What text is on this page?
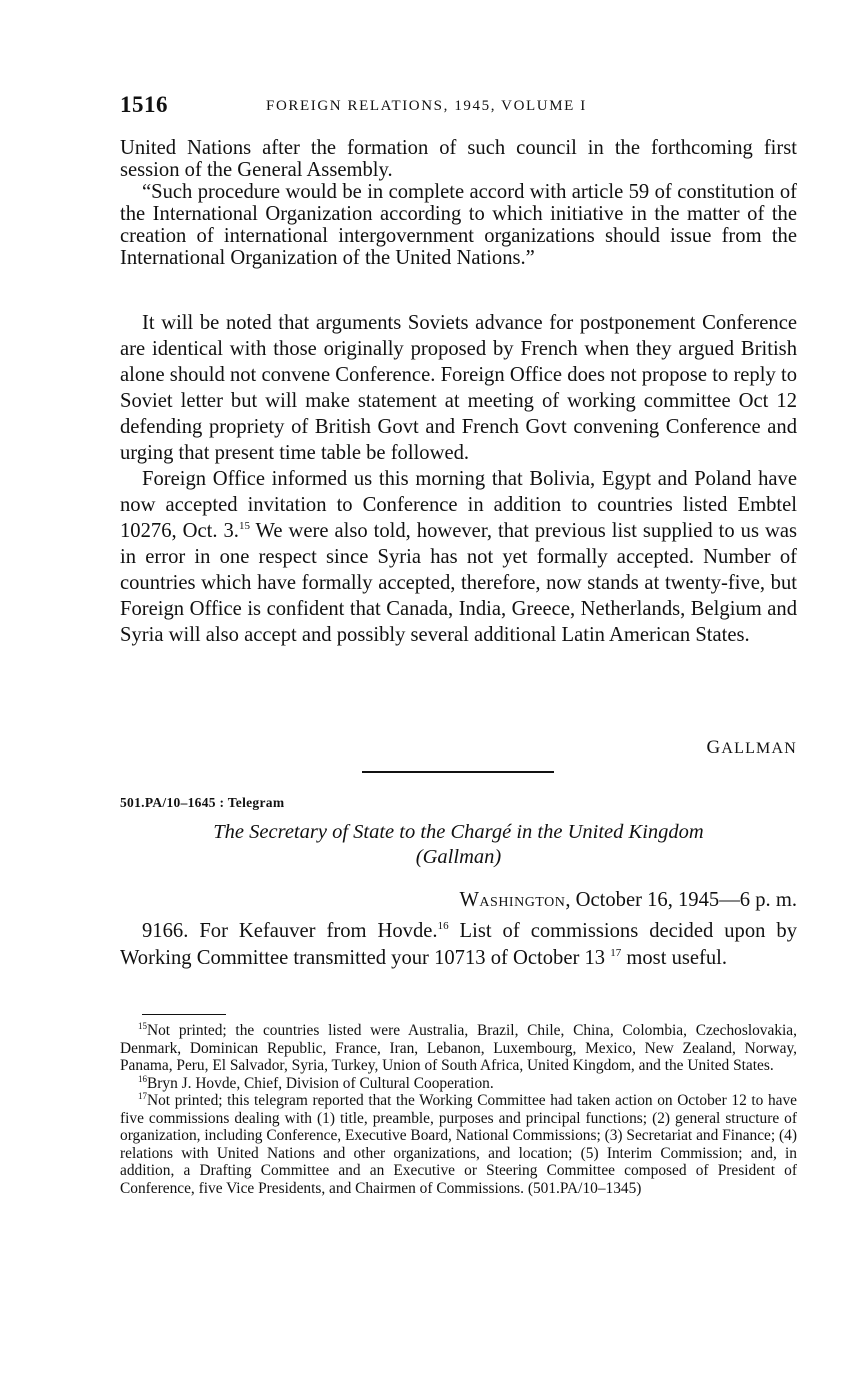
1516	FOREIGN RELATIONS, 1945, VOLUME I

United Nations after the formation of such council in the forthcoming first session of the General Assembly.

“Such procedure would be in complete accord with article 59 of constitution of the International Organization according to which initiative in the matter of the creation of international intergovernment organizations should issue from the International Organization of the United Nations.”

It will be noted that arguments Soviets advance for postponement Conference are identical with those originally proposed by French when they argued British alone should not convene Conference. Foreign Office does not propose to reply to Soviet letter but will make statement at meeting of working committee Oct 12 defending propriety of British Govt and French Govt convening Conference and urging that present time table be followed.

Foreign Office informed us this morning that Bolivia, Egypt and Poland have now accepted invitation to Conference in addition to countries listed Embtel 10276, Oct. 3.15 We were also told, however, that previous list supplied to us was in error in one respect since Syria has not yet formally accepted. Number of countries which have formally accepted, therefore, now stands at twenty-five, but Foreign Office is confident that Canada, India, Greece, Netherlands, Belgium and Syria will also accept and possibly several additional Latin American States.

GALLMAN
501.PA/10–1645 : Telegram
The Secretary of State to the Chargé in the United Kingdom
(Gallman)
Washington, October 16, 1945—6 p. m.

9166. For Kefauver from Hovde.$^{16}$ List of commissions decided upon by Working Committee transmitted your 10713 of October 13 $^{17}$ most useful.

$^{15}$Not printed; the countries listed were Australia, Brazil, Chile, China, Colombia, Czechoslovakia, Denmark, Dominican Republic, France, Iran, Lebanon, Luxembourg, Mexico, New Zealand, Norway, Panama, Peru, El Salvador, Syria, Turkey, Union of South Africa, United Kingdom, and the United States.

$^{16}$Bryn J. Hovde, Chief, Division of Cultural Cooperation.

$^{17}$Not printed; this telegram reported that the Working Committee had taken action on October 12 to have five commissions dealing with (1) title, preamble, purposes and principal functions; (2) general structure of organization, including Conference, Executive Board, National Commissions; (3) Secretariat and Finance; (4) relations with United Nations and other organizations, and location; (5) Interim Commission; and, in addition, a Drafting Committee and an Executive or Steering Committee composed of President of Conference, five Vice Presidents, and Chairmen of Commissions. (501.PA/10–1345)
